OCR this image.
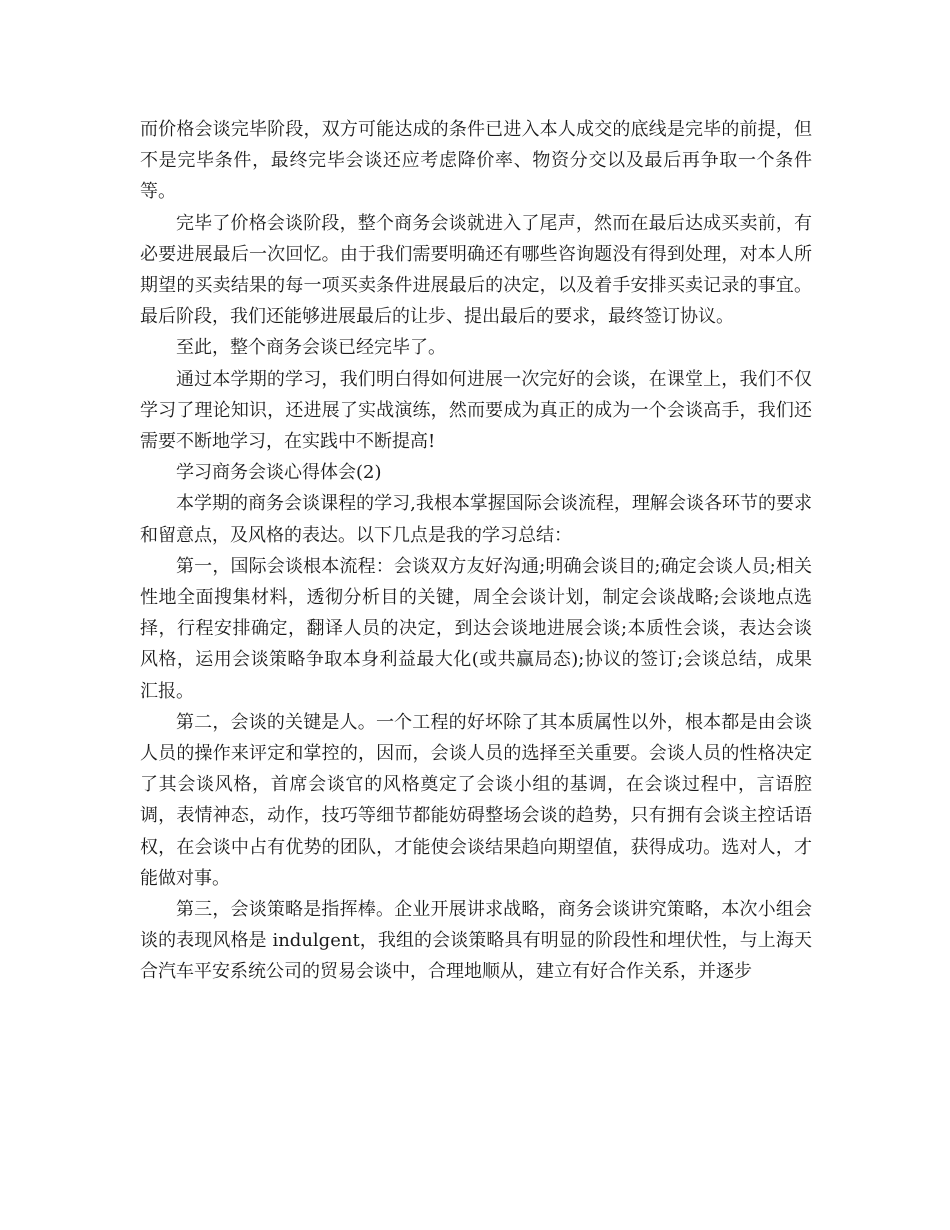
而价格会谈完毕阶段，双方可能达成的条件已进入本人成交的底线是完毕的前提，但不是完毕条件，最终完毕会谈还应考虑降价率、物资分交以及最后再争取一个条件等。

完毕了价格会谈阶段，整个商务会谈就进入了尾声，然而在最后达成买卖前，有必要进展最后一次回忆。由于我们需要明确还有哪些咨询题没有得到处理，对本人所期望的买卖结果的每一项买卖条件进展最后的决定，以及着手安排买卖记录的事宜。最后阶段，我们还能够进展最后的让步、提出最后的要求，最终签订协议。

至此，整个商务会谈已经完毕了。

通过本学期的学习，我们明白得如何进展一次完好的会谈，在课堂上，我们不仅学习了理论知识，还进展了实战演练，然而要成为真正的成为一个会谈高手，我们还需要不断地学习，在实践中不断提高!

学习商务会谈心得体会(2)

本学期的商务会谈课程的学习,我根本掌握国际会谈流程，理解会谈各环节的要求和留意点，及风格的表达。以下几点是我的学习总结：

第一，国际会谈根本流程：会谈双方友好沟通;明确会谈目的;确定会谈人员;相关性地全面搜集材料，透彻分析目的关键，周全会谈计划，制定会谈战略;会谈地点选择，行程安排确定，翻译人员的决定，到达会谈地进展会谈;本质性会谈，表达会谈风格，运用会谈策略争取本身利益最大化(或共赢局态);协议的签订;会谈总结，成果汇报。

第二，会谈的关键是人。一个工程的好坏除了其本质属性以外，根本都是由会谈人员的操作来评定和掌控的，因而，会谈人员的选择至关重要。会谈人员的性格决定了其会谈风格，首席会谈官的风格奠定了会谈小组的基调，在会谈过程中，言语腔调，表情神态，动作，技巧等细节都能妨碍整场会谈的趋势，只有拥有会谈主控话语权，在会谈中占有优势的团队，才能使会谈结果趋向期望值，获得成功。选对人，才能做对事。

第三，会谈策略是指挥棒。企业开展讲求战略，商务会谈讲究策略，本次小组会谈的表现风格是 indulgent，我组的会谈策略具有明显的阶段性和埋伏性，与上海天合汽车平安系统公司的贸易会谈中，合理地顺从，建立有好合作关系，并逐步
